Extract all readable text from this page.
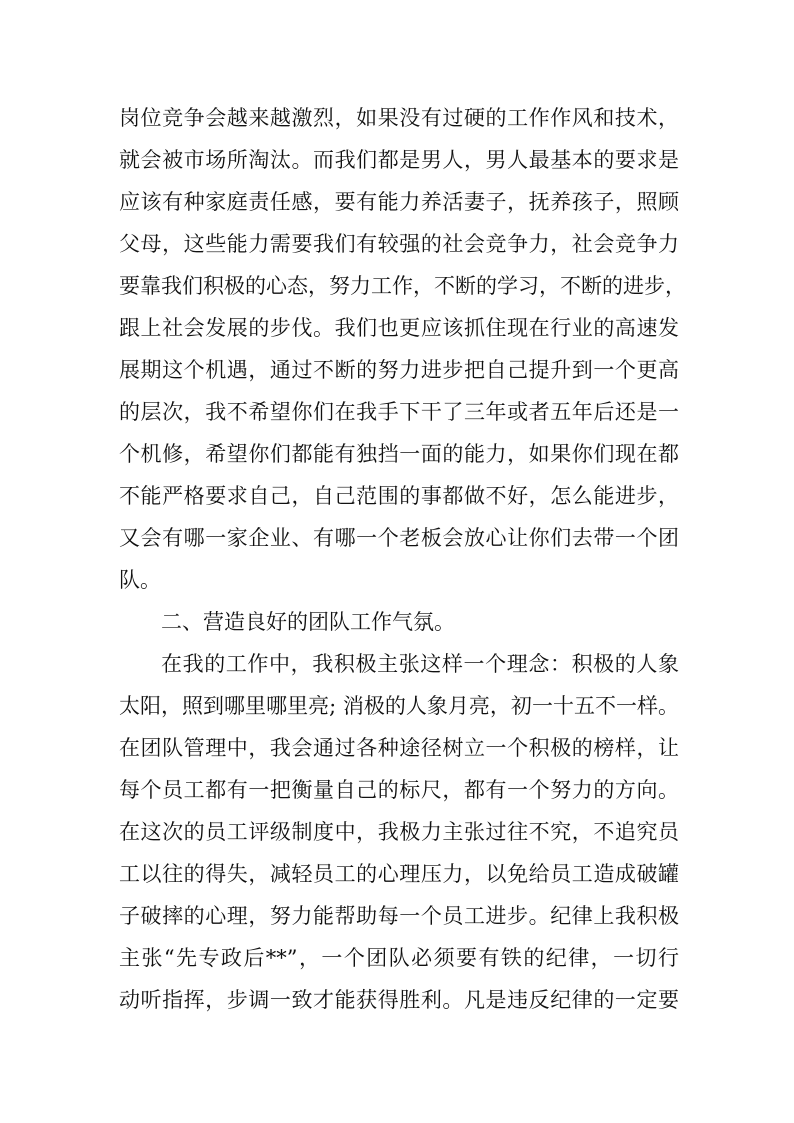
岗位竞争会越来越激烈，如果没有过硬的工作作风和技术，
就会被市场所淘汰。而我们都是男人，男人最基本的要求是
应该有种家庭责任感，要有能力养活妻子，抚养孩子，照顾
父母，这些能力需要我们有较强的社会竞争力，社会竞争力
要靠我们积极的心态，努力工作，不断的学习，不断的进步，
跟上社会发展的步伐。我们也更应该抓住现在行业的高速发
展期这个机遇，通过不断的努力进步把自己提升到一个更高
的层次，我不希望你们在我手下干了三年或者五年后还是一
个机修，希望你们都能有独挡一面的能力，如果你们现在都
不能严格要求自己，自己范围的事都做不好，怎么能进步，
又会有哪一家企业、有哪一个老板会放心让你们去带一个团
队。
二、营造良好的团队工作气氛。
在我的工作中，我积极主张这样一个理念：积极的人象
太阳，照到哪里哪里亮; 消极的人象月亮，初一十五不一样。
在团队管理中，我会通过各种途径树立一个积极的榜样，让
每个员工都有一把衡量自己的标尺，都有一个努力的方向。
在这次的员工评级制度中，我极力主张过往不究，不追究员
工以往的得失，减轻员工的心理压力，以免给员工造成破罐
子破摔的心理，努力能帮助每一个员工进步。纪律上我积极
主张“先专政后**”，一个团队必须要有铁的纪律，一切行
动听指挥，步调一致才能获得胜利。凡是违反纪律的一定要
